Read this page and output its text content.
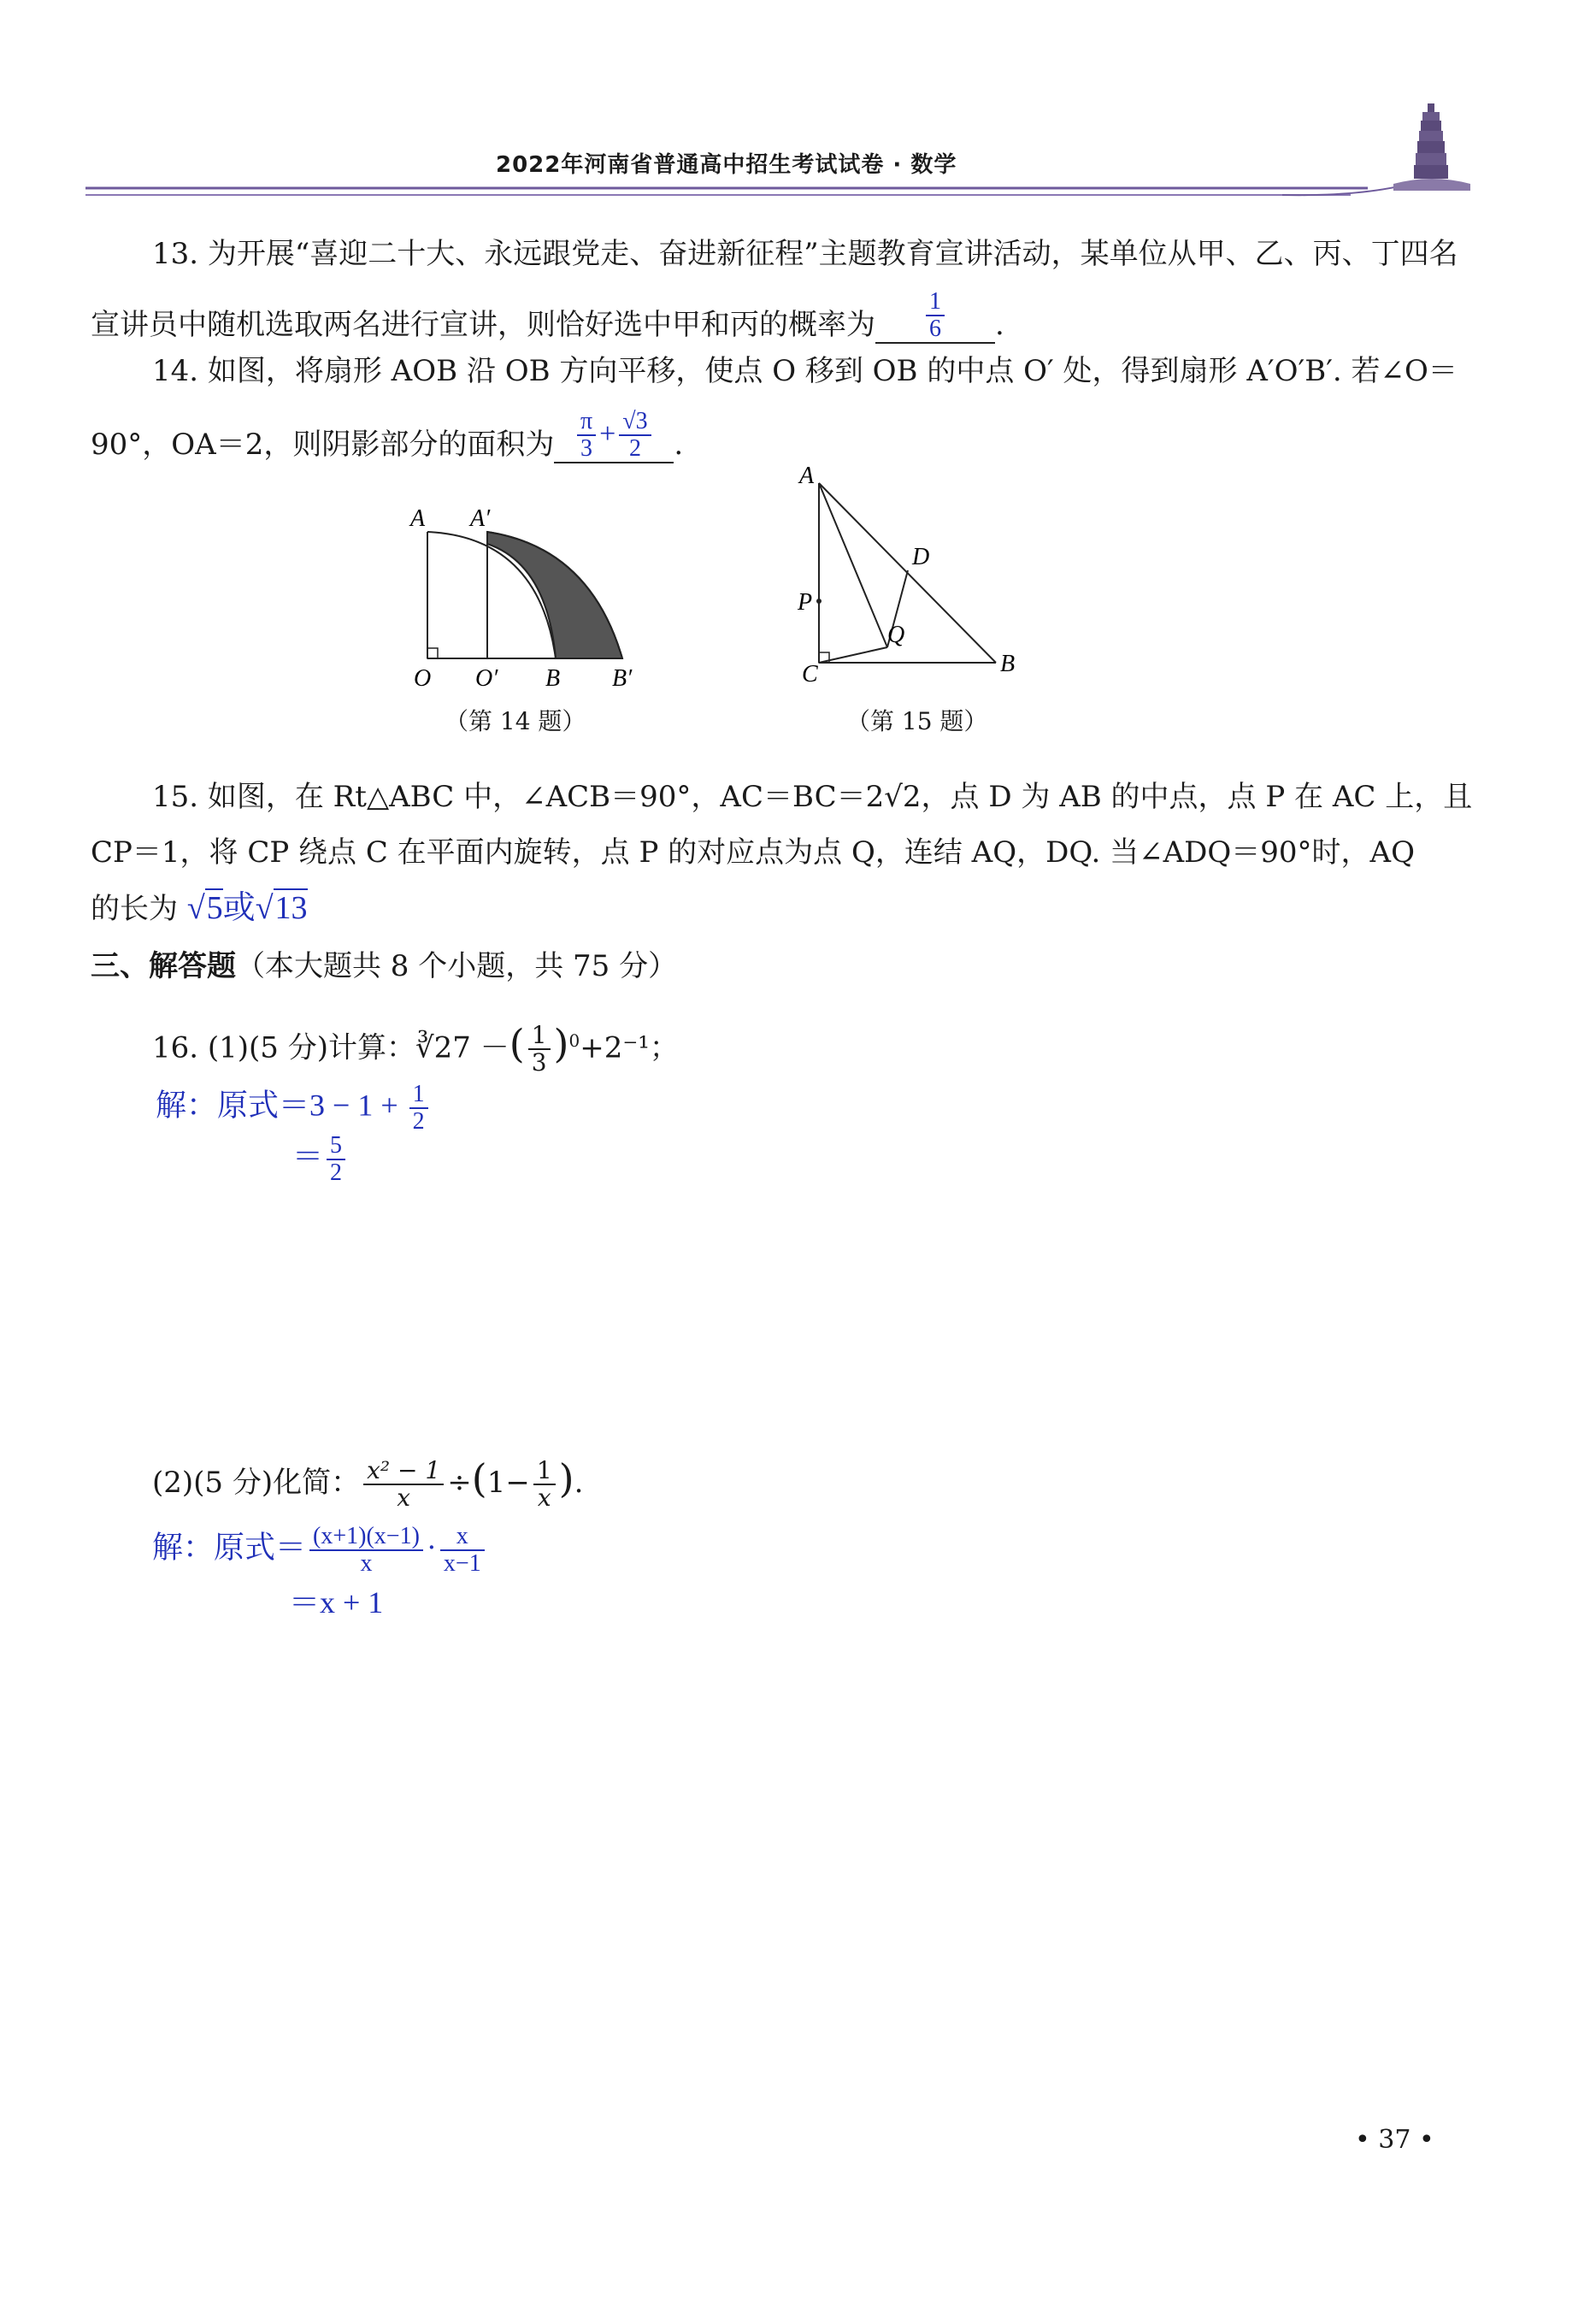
2022年河南省普通高中招生考试试卷 · 数学
13. 为开展“喜迎二十大、永远跟党走、奋进新征程”主题教育宣讲活动，某单位从甲、乙、丙、丁四名
宣讲员中随机选取两名进行宣讲，则恰好选中甲和丙的概率为 $\frac{1}{6}$ .
14. 如图，将扇形 AOB 沿 OB 方向平移，使点 O 移到 OB 的中点 O′ 处，得到扇形 A′O′B′. 若∠O＝
90°，OA＝2，则阴影部分的面积为 $\frac{\pi}{3} + \frac{√3}{2}$ .
A A′
O O′ B B′
（第 14 题）
A
D
P
Q
C	B
（第 15 题）
15. 如图，在 Rt△ABC 中，∠ACB＝90°，AC＝BC＝2√2，点 D 为 AB 的中点，点 P 在 AC 上，且
CP＝1，将 CP 绕点 C 在平面内旋转，点 P 的对应点为点 Q，连结 AQ，DQ. 当∠ADQ＝90°时，AQ
的长为 √5或√13
三、解答题（本大题共 8 个小题，共 75 分）
16. (1)(5 分)计算：∛27 －( $\frac{1}{3} )^0+2^{-1}$；
解：原式$=3 - 1 + \frac{1}{2}$
＝ $\frac{5}{2}$
(2)(5 分)化简： $\frac{\text{x² − 1}}{x} \div(1- \frac{1}{x}$ ).
解：原式＝ $\frac{(x+1)(x-1)}{x} \cdot \frac{x}{x-1}$
＝x + 1
• 37 •
